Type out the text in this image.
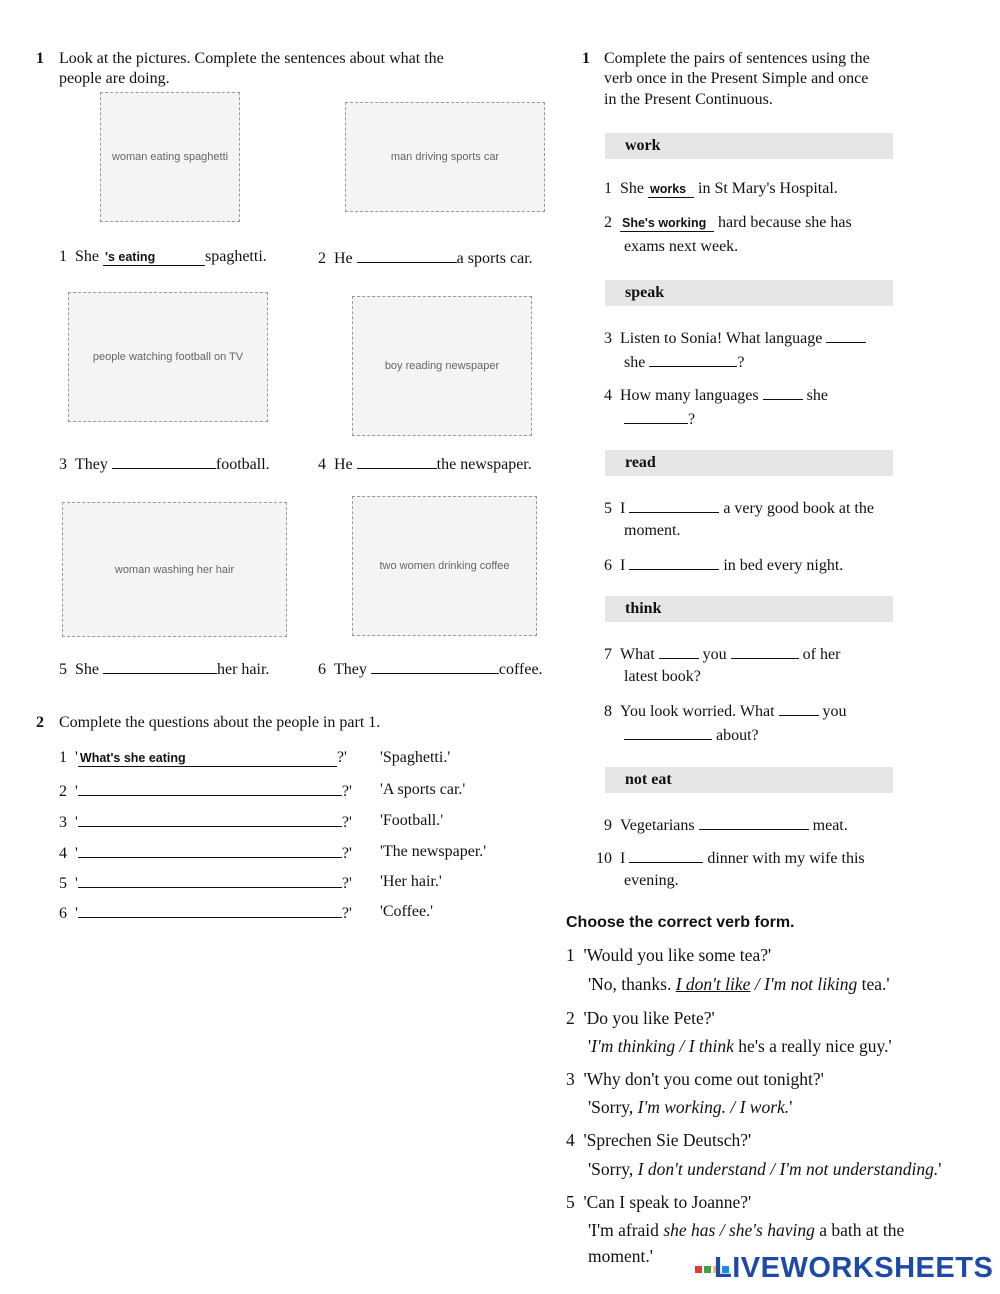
1 Look at the pictures. Complete the sentences about what the
people are doing.
woman eating spaghetti	man driving sports car
people watching football on TV
boy reading newspaper
woman washing her hair	two women drinking coffee
1 She 's eating	spaghetti.	2 He	a sports car.
3 They	football.	4 He	the newspaper.
5 She	her hair.	6 They	coffee.
2 Complete the questions about the people in part 1.
1 ' What's she eating	?' 'Spaghetti.'
2 '	?' 'A sports car.'
3 '	?' 'Football.'
4 '	?' 'The newspaper.'
5 '	?' 'Her hair.'
6 '	?' 'Coffee.'
1 Complete the pairs of sentences using the
verb once in the Present Simple and once
in the Present Continuous.
work
1 She works in St Mary's Hospital.
2 She's working hard because she has
exams next week.
speak
3 Listen to Sonia! What language
she	?
4 How many languages	she
?
read
5 I	a very good book at the
moment.
6 I	in bed every night.
think
7 What	you	of her
latest book?
8 You look worried. What	you
about?
not eat
9 Vegetarians	meat.
10 I	dinner with my wife this
evening.
Choose the correct verb form.
1 'Would you like some tea?'
'No, thanks. I don't like / I'm not liking tea.'
2 'Do you like Pete?'
'I'm thinking / I think he's a really nice guy.'
3 'Why don't you come out tonight?'
'Sorry, I'm working. / I work.'
4 'Sprechen Sie Deutsch?'
'Sorry, I don't understand / I'm not understanding.'
5 'Can I speak to Joanne?'
'I'm afraid she has / she's having a bath at the
moment.'	LIVEWORKSHEETS
